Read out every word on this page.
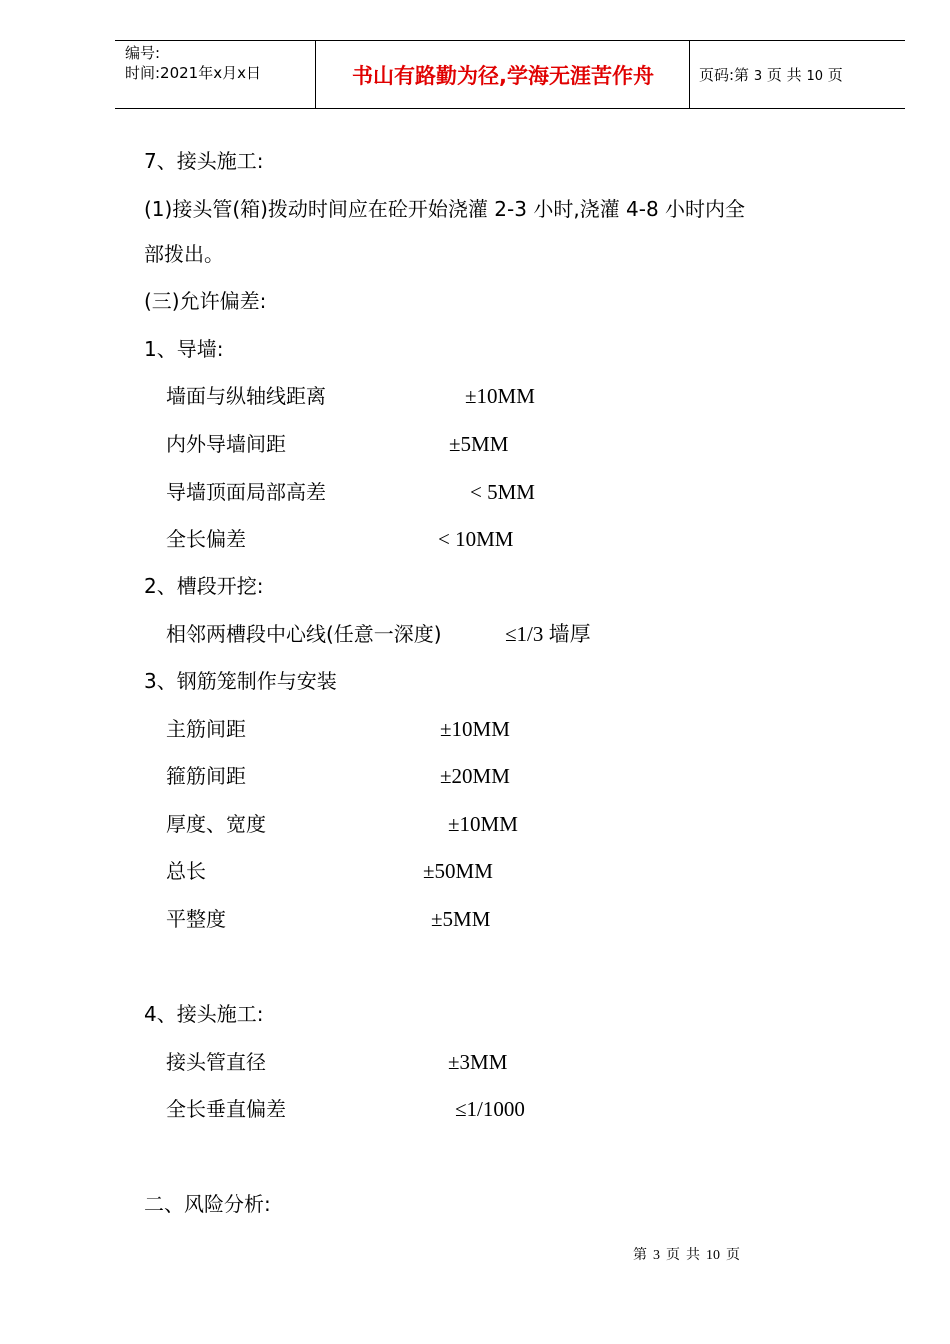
编号:
时间:2021年x月x日	书山有路勤为径,学海无涯苦作舟	页码:第 3 页 共 10 页
7、接头施工:
(1)接头管(箱)拨动时间应在砼开始浇灌 2-3 小时,浇灌 4-8 小时内全
部拨出。
(三)允许偏差:
1、导墙:
墙面与纵轴线距离	±10MM
内外导墙间距	±5MM
导墙顶面局部高差	< 5MM
全长偏差	< 10MM
2、槽段开挖:
相邻两槽段中心线(任意一深度)	≤1/3 墙厚
3、钢筋笼制作与安装
主筋间距	±10MM
箍筋间距	±20MM
厚度、宽度	±10MM
总长	±50MM
平整度	±5MM
4、接头施工:
接头管直径	±3MM
全长垂直偏差	≤1/1000
二、风险分析:
第 3 页 共 10 页
